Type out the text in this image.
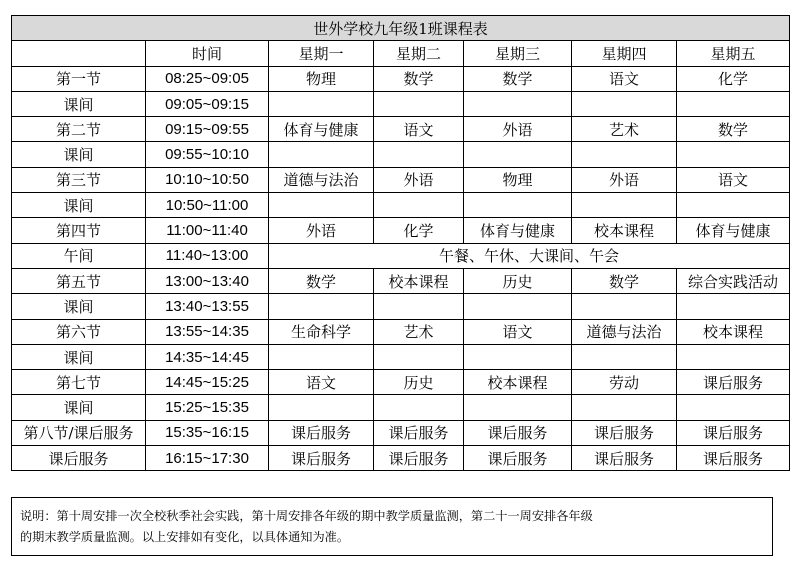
世外学校九年级1班课程表						
	时间	星期一	星期二	星期三	星期四	星期五
第一节	08:25~09:05	物理	数学	数学	语文	化学
课间	09:05~09:15					
第二节	09:15~09:55	体育与健康	语文	外语	艺术	数学
课间	09:55~10:10					
第三节	10:10~10:50	道德与法治	外语	物理	外语	语文
课间	10:50~11:00					
第四节	11:00~11:40	外语	化学	体育与健康	校本课程	体育与健康
午间	11:40~13:00	午餐、午休、大课间、午会				
第五节	13:00~13:40	数学	校本课程	历史	数学	综合实践活动
课间	13:40~13:55					
第六节	13:55~14:35	生命科学	艺术	语文	道德与法治	校本课程
课间	14:35~14:45					
第七节	14:45~15:25	语文	历史	校本课程	劳动	课后服务
课间	15:25~15:35					
第八节/课后服务	15:35~16:15	课后服务	课后服务	课后服务	课后服务	课后服务
课后服务	16:15~17:30	课后服务	课后服务	课后服务	课后服务	课后服务
说明：第十周安排一次全校秋季社会实践，第十周安排各年级的期中教学质量监测，第二十一周安排各年级
的期末教学质量监测。以上安排如有变化，以具体通知为准。
